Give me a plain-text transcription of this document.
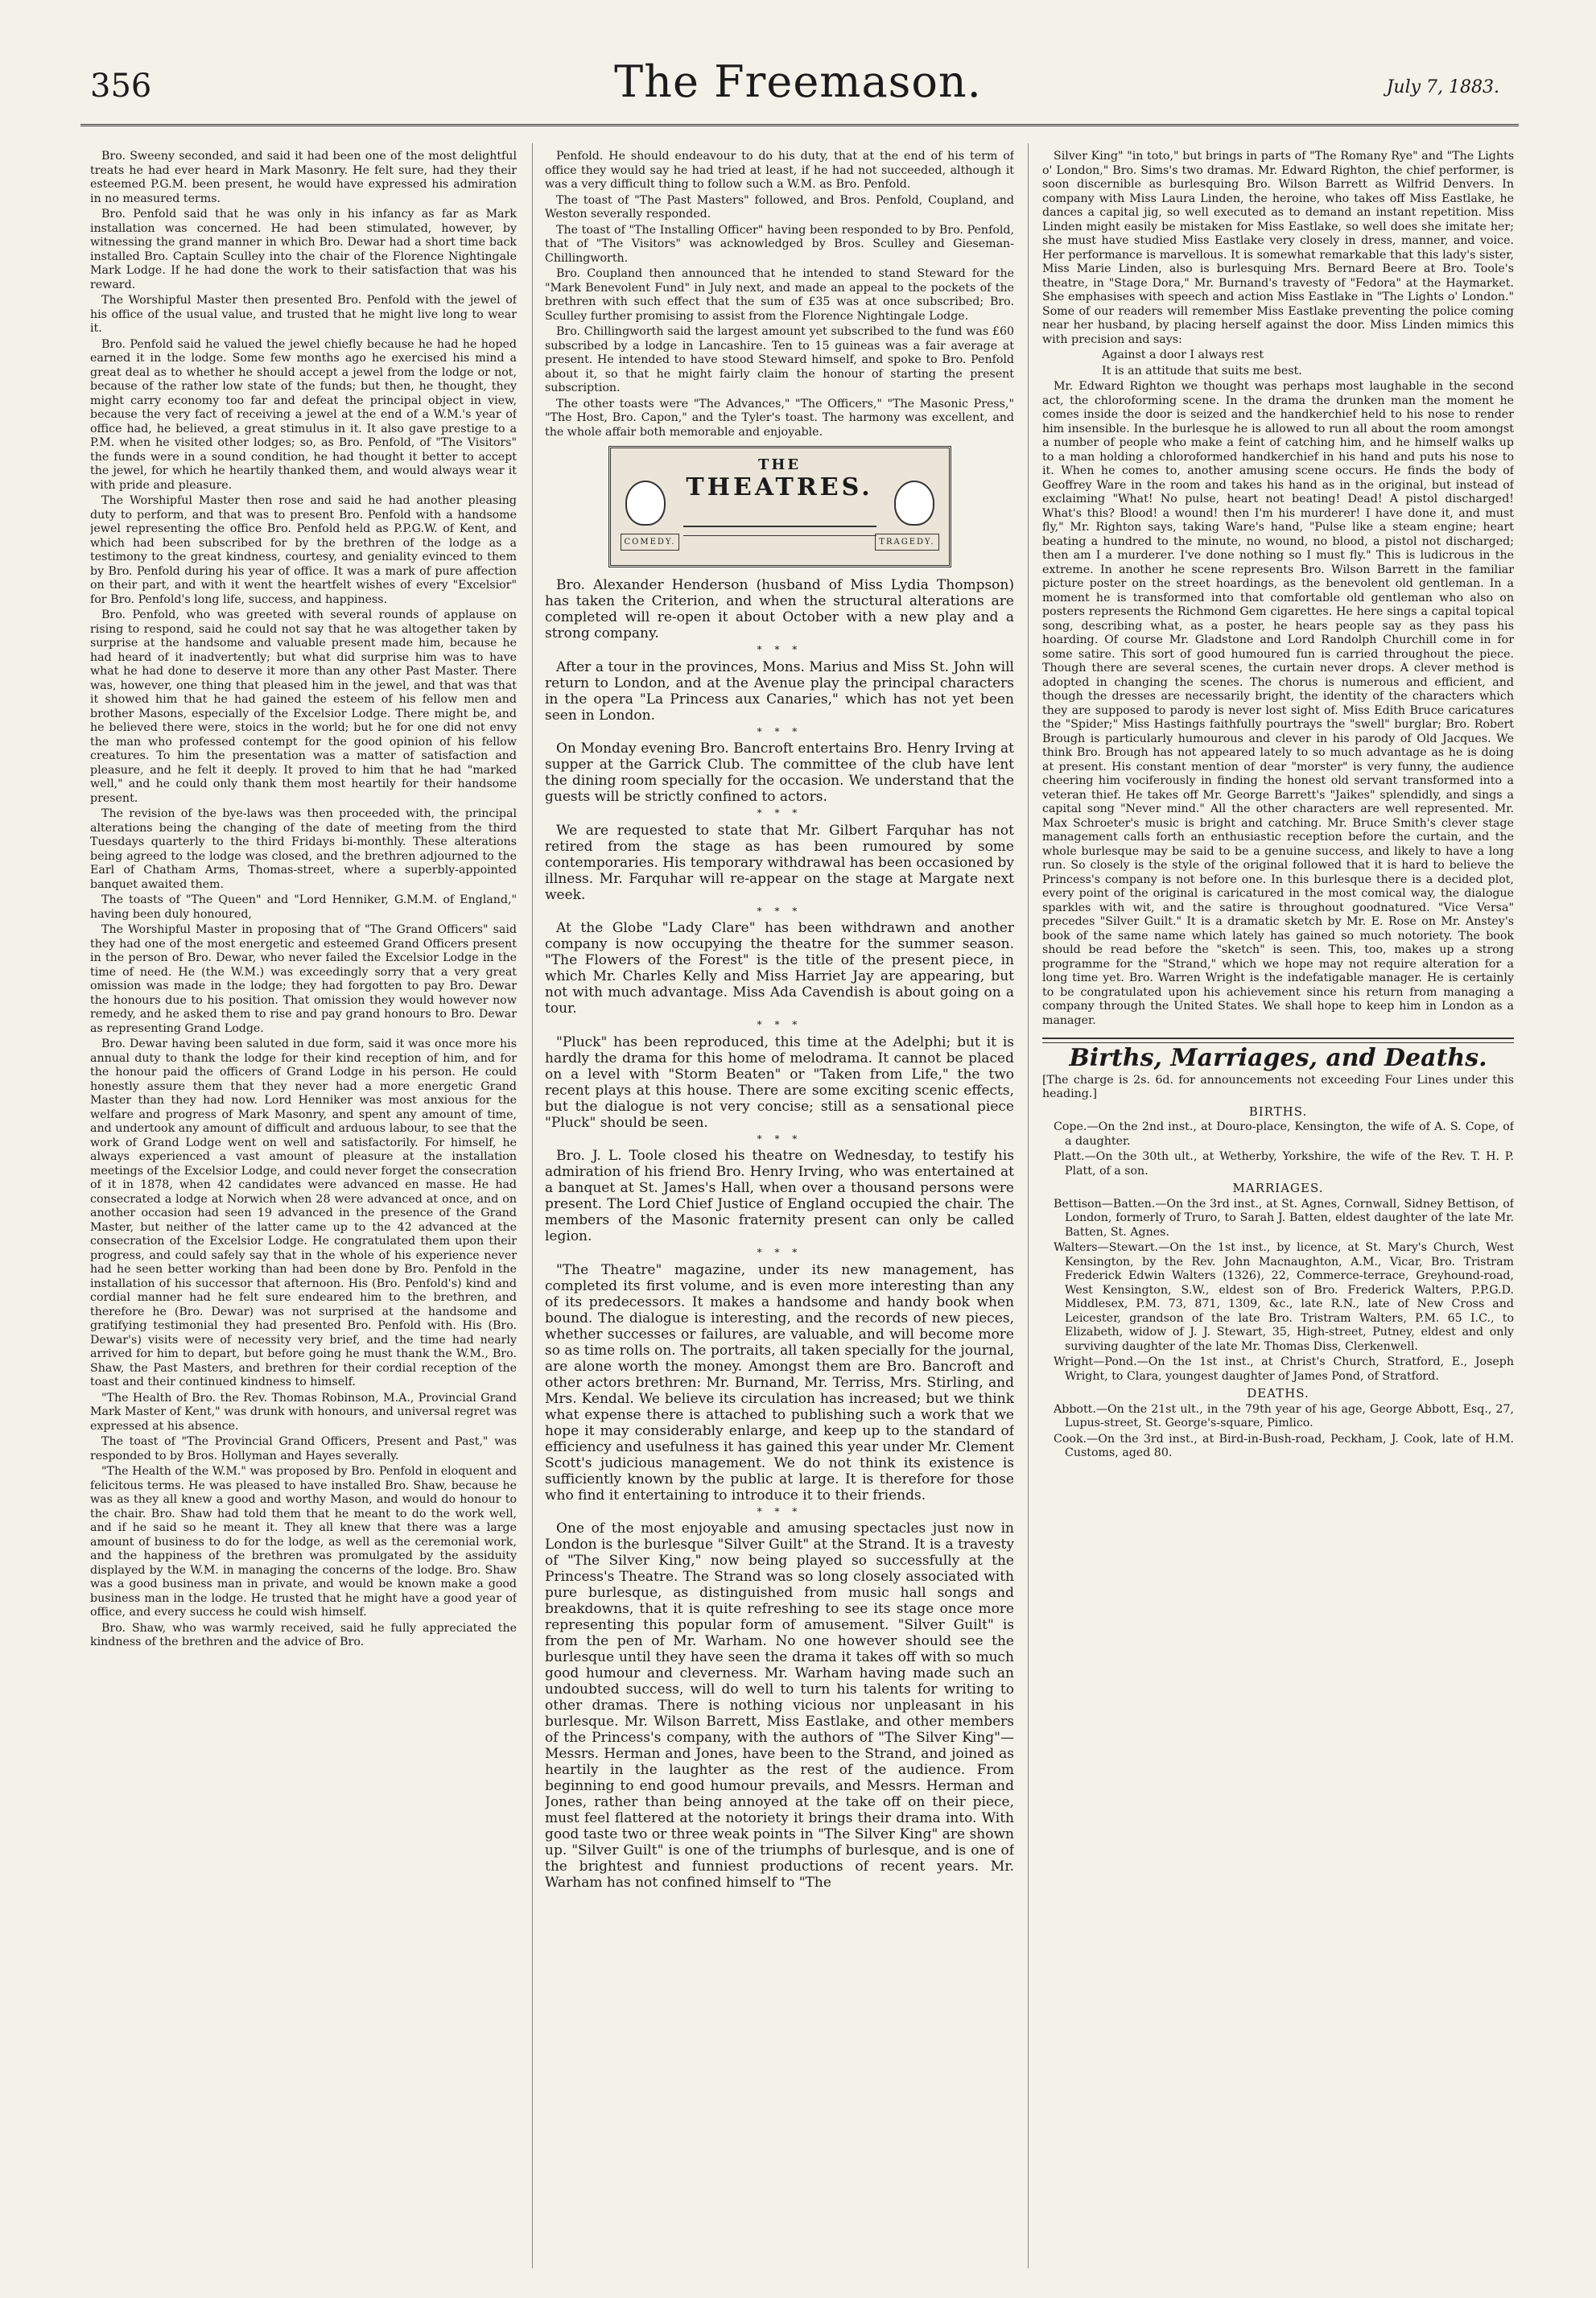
356	The Freemason.	July 7, 1883.

Bro. Sweeny seconded, and said it had been one of the most delightful treats he had ever heard in Mark Masonry. He felt sure, had they their esteemed P.G.M. been present, he would have expressed his admiration in no measured terms.

Bro. Penfold said that he was only in his infancy as far as Mark installation was concerned. He had been stimulated, however, by witnessing the grand manner in which Bro. Dewar had a short time back installed Bro. Captain Sculley into the chair of the Florence Nightingale Mark Lodge. If he had done the work to their satisfaction that was his reward.

The Worshipful Master then presented Bro. Penfold with the jewel of his office of the usual value, and trusted that he might live long to wear it.

Bro. Penfold said he valued the jewel chiefly because he had he hoped earned it in the lodge. Some few months ago he exercised his mind a great deal as to whether he should accept a jewel from the lodge or not, because of the rather low state of the funds; but then, he thought, they might carry economy too far and defeat the principal object in view, because the very fact of receiving a jewel at the end of a W.M.'s year of office had, he believed, a great stimulus in it. It also gave prestige to a P.M. when he visited other lodges; so, as Bro. Penfold, of "The Visitors" the funds were in a sound condition, he had thought it better to accept the jewel, for which he heartily thanked them, and would always wear it with pride and pleasure.

The Worshipful Master then rose and said he had another pleasing duty to perform, and that was to present Bro. Penfold with a handsome jewel representing the office Bro. Penfold held as P.P.G.W. of Kent, and which had been subscribed for by the brethren of the lodge as a testimony to the great kindness, courtesy, and geniality evinced to them by Bro. Penfold during his year of office. It was a mark of pure affection on their part, and with it went the heartfelt wishes of every "Excelsior" for Bro. Penfold's long life, success, and happiness.

Bro. Penfold, who was greeted with several rounds of applause on rising to respond, said he could not say that he was altogether taken by surprise at the handsome and valuable present made him, because he had heard of it inadvertently; but what did surprise him was to have what he had done to deserve it more than any other Past Master. There was, however, one thing that pleased him in the jewel, and that was that it showed him that he had gained the esteem of his fellow men and brother Masons, especially of the Excelsior Lodge. There might be, and he believed there were, stoics in the world; but he for one did not envy the man who professed contempt for the good opinion of his fellow creatures. To him the presentation was a matter of satisfaction and pleasure, and he felt it deeply. It proved to him that he had "marked well," and he could only thank them most heartily for their handsome present.

The revision of the bye-laws was then proceeded with, the principal alterations being the changing of the date of meeting from the third Tuesdays quarterly to the third Fridays bi-monthly. These alterations being agreed to the lodge was closed, and the brethren adjourned to the Earl of Chatham Arms, Thomas-street, where a superbly-appointed banquet awaited them.

The toasts of "The Queen" and "Lord Henniker, G.M.M. of England," having been duly honoured,

The Worshipful Master in proposing that of "The Grand Officers" said they had one of the most energetic and esteemed Grand Officers present in the person of Bro. Dewar, who never failed the Excelsior Lodge in the time of need. He (the W.M.) was exceedingly sorry that a very great omission was made in the lodge; they had forgotten to pay Bro. Dewar the honours due to his position. That omission they would however now remedy, and he asked them to rise and pay grand honours to Bro. Dewar as representing Grand Lodge.

Bro. Dewar having been saluted in due form, said it was once more his annual duty to thank the lodge for their kind reception of him, and for the honour paid the officers of Grand Lodge in his person. He could honestly assure them that they never had a more energetic Grand Master than they had now. Lord Henniker was most anxious for the welfare and progress of Mark Masonry, and spent any amount of time, and undertook any amount of difficult and arduous labour, to see that the work of Grand Lodge went on well and satisfactorily. For himself, he always experienced a vast amount of pleasure at the installation meetings of the Excelsior Lodge, and could never forget the consecration of it in 1878, when 42 candidates were advanced en masse. He had consecrated a lodge at Norwich when 28 were advanced at once, and on another occasion had seen 19 advanced in the presence of the Grand Master, but neither of the latter came up to the 42 advanced at the consecration of the Excelsior Lodge. He congratulated them upon their progress, and could safely say that in the whole of his experience never had he seen better working than had been done by Bro. Penfold in the installation of his successor that afternoon. His (Bro. Penfold's) kind and cordial manner had he felt sure endeared him to the brethren, and therefore he (Bro. Dewar) was not surprised at the handsome and gratifying testimonial they had presented Bro. Penfold with. His (Bro. Dewar's) visits were of necessity very brief, and the time had nearly arrived for him to depart, but before going he must thank the W.M., Bro. Shaw, the Past Masters, and brethren for their cordial reception of the toast and their continued kindness to himself.

"The Health of Bro. the Rev. Thomas Robinson, M.A., Provincial Grand Mark Master of Kent," was drunk with honours, and universal regret was expressed at his absence.

The toast of "The Provincial Grand Officers, Present and Past," was responded to by Bros. Hollyman and Hayes severally.

"The Health of the W.M." was proposed by Bro. Penfold in eloquent and felicitous terms. He was pleased to have installed Bro. Shaw, because he was as they all knew a good and worthy Mason, and would do honour to the chair. Bro. Shaw had told them that he meant to do the work well, and if he said so he meant it. They all knew that there was a large amount of business to do for the lodge, as well as the ceremonial work, and the happiness of the brethren was promulgated by the assiduity displayed by the W.M. in managing the concerns of the lodge. Bro. Shaw was a good business man in private, and would be known make a good business man in the lodge. He trusted that he might have a good year of office, and every success he could wish himself.

Bro. Shaw, who was warmly received, said he fully appreciated the kindness of the brethren and the advice of Bro.

Penfold. He should endeavour to do his duty, that at the end of his term of office they would say he had tried at least, if he had not succeeded, although it was a very difficult thing to follow such a W.M. as Bro. Penfold.

The toast of "The Past Masters" followed, and Bros. Penfold, Coupland, and Weston severally responded.

The toast of "The Installing Officer" having been responded to by Bro. Penfold, that of "The Visitors" was acknowledged by Bros. Sculley and Gieseman-Chillingworth.

Bro. Coupland then announced that he intended to stand Steward for the "Mark Benevolent Fund" in July next, and made an appeal to the pockets of the brethren with such effect that the sum of £35 was at once subscribed; Bro. Sculley further promising to assist from the Florence Nightingale Lodge.

Bro. Chillingworth said the largest amount yet subscribed to the fund was £60 subscribed by a lodge in Lancashire. Ten to 15 guineas was a fair average at present. He intended to have stood Steward himself, and spoke to Bro. Penfold about it, so that he might fairly claim the honour of starting the present subscription.

The other toasts were "The Advances," "The Officers," "The Masonic Press," "The Host, Bro. Capon," and the Tyler's toast. The harmony was excellent, and the whole affair both memorable and enjoyable.

THE
THEATRES.
COMEDY.	TRAGEDY.

Bro. Alexander Henderson (husband of Miss Lydia Thompson) has taken the Criterion, and when the structural alterations are completed will re-open it about October with a new play and a strong company.

* * *

After a tour in the provinces, Mons. Marius and Miss St. John will return to London, and at the Avenue play the principal characters in the opera "La Princess aux Canaries," which has not yet been seen in London.

* * *

On Monday evening Bro. Bancroft entertains Bro. Henry Irving at supper at the Garrick Club. The committee of the club have lent the dining room specially for the occasion. We understand that the guests will be strictly confined to actors.

* * *

We are requested to state that Mr. Gilbert Farquhar has not retired from the stage as has been rumoured by some contemporaries. His temporary withdrawal has been occasioned by illness. Mr. Farquhar will re-appear on the stage at Margate next week.

* * *

At the Globe "Lady Clare" has been withdrawn and another company is now occupying the theatre for the summer season. "The Flowers of the Forest" is the title of the present piece, in which Mr. Charles Kelly and Miss Harriet Jay are appearing, but not with much advantage. Miss Ada Cavendish is about going on a tour.

* * *

"Pluck" has been reproduced, this time at the Adelphi; but it is hardly the drama for this home of melodrama. It cannot be placed on a level with "Storm Beaten" or "Taken from Life," the two recent plays at this house. There are some exciting scenic effects, but the dialogue is not very concise; still as a sensational piece "Pluck" should be seen.

* * *

Bro. J. L. Toole closed his theatre on Wednesday, to testify his admiration of his friend Bro. Henry Irving, who was entertained at a banquet at St. James's Hall, when over a thousand persons were present. The Lord Chief Justice of England occupied the chair. The members of the Masonic fraternity present can only be called legion.

* * *

"The Theatre" magazine, under its new management, has completed its first volume, and is even more interesting than any of its predecessors. It makes a handsome and handy book when bound. The dialogue is interesting, and the records of new pieces, whether successes or failures, are valuable, and will become more so as time rolls on. The portraits, all taken specially for the journal, are alone worth the money. Amongst them are Bro. Bancroft and other actors brethren: Mr. Burnand, Mr. Terriss, Mrs. Stirling, and Mrs. Kendal. We believe its circulation has increased; but we think what expense there is attached to publishing such a work that we hope it may considerably enlarge, and keep up to the standard of efficiency and usefulness it has gained this year under Mr. Clement Scott's judicious management. We do not think its existence is sufficiently known by the public at large. It is therefore for those who find it entertaining to introduce it to their friends.

* * *

One of the most enjoyable and amusing spectacles just now in London is the burlesque "Silver Guilt" at the Strand. It is a travesty of "The Silver King," now being played so successfully at the Princess's Theatre. The Strand was so long closely associated with pure burlesque, as distinguished from music hall songs and breakdowns, that it is quite refreshing to see its stage once more representing this popular form of amusement. "Silver Guilt" is from the pen of Mr. Warham. No one however should see the burlesque until they have seen the drama it takes off with so much good humour and cleverness. Mr. Warham having made such an undoubted success, will do well to turn his talents for writing to other dramas. There is nothing vicious nor unpleasant in his burlesque. Mr. Wilson Barrett, Miss Eastlake, and other members of the Princess's company, with the authors of "The Silver King"—Messrs. Herman and Jones, have been to the Strand, and joined as heartily in the laughter as the rest of the audience. From beginning to end good humour prevails, and Messrs. Herman and Jones, rather than being annoyed at the take off on their piece, must feel flattered at the notoriety it brings their drama into. With good taste two or three weak points in "The Silver King" are shown up. "Silver Guilt" is one of the triumphs of burlesque, and is one of the brightest and funniest productions of recent years. Mr. Warham has not confined himself to "The

Silver King" "in toto," but brings in parts of "The Romany Rye" and "The Lights o' London," Bro. Sims's two dramas. Mr. Edward Righton, the chief performer, is soon discernible as burlesquing Bro. Wilson Barrett as Wilfrid Denvers. In company with Miss Laura Linden, the heroine, who takes off Miss Eastlake, he dances a capital jig, so well executed as to demand an instant repetition. Miss Linden might easily be mistaken for Miss Eastlake, so well does she imitate her; she must have studied Miss Eastlake very closely in dress, manner, and voice. Her performance is marvellous. It is somewhat remarkable that this lady's sister, Miss Marie Linden, also is burlesquing Mrs. Bernard Beere at Bro. Toole's theatre, in "Stage Dora," Mr. Burnand's travesty of "Fedora" at the Haymarket. She emphasises with speech and action Miss Eastlake in "The Lights o' London." Some of our readers will remember Miss Eastlake preventing the police coming near her husband, by placing herself against the door. Miss Linden mimics this with precision and says:

Against a door I always rest

It is an attitude that suits me best.

Mr. Edward Righton we thought was perhaps most laughable in the second act, the chloroforming scene. In the drama the drunken man the moment he comes inside the door is seized and the handkerchief held to his nose to render him insensible. In the burlesque he is allowed to run all about the room amongst a number of people who make a feint of catching him, and he himself walks up to a man holding a chloroformed handkerchief in his hand and puts his nose to it. When he comes to, another amusing scene occurs. He finds the body of Geoffrey Ware in the room and takes his hand as in the original, but instead of exclaiming "What! No pulse, heart not beating! Dead! A pistol discharged! What's this? Blood! a wound! then I'm his murderer! I have done it, and must fly," Mr. Righton says, taking Ware's hand, "Pulse like a steam engine; heart beating a hundred to the minute, no wound, no blood, a pistol not discharged; then am I a murderer. I've done nothing so I must fly." This is ludicrous in the extreme. In another he scene represents Bro. Wilson Barrett in the familiar picture poster on the street hoardings, as the benevolent old gentleman. In a moment he is transformed into that comfortable old gentleman who also on posters represents the Richmond Gem cigarettes. He here sings a capital topical song, describing what, as a poster, he hears people say as they pass his hoarding. Of course Mr. Gladstone and Lord Randolph Churchill come in for some satire. This sort of good humoured fun is carried throughout the piece. Though there are several scenes, the curtain never drops. A clever method is adopted in changing the scenes. The chorus is numerous and efficient, and though the dresses are necessarily bright, the identity of the characters which they are supposed to parody is never lost sight of. Miss Edith Bruce caricatures the "Spider;" Miss Hastings faithfully pourtrays the "swell" burglar; Bro. Robert Brough is particularly humourous and clever in his parody of Old Jacques. We think Bro. Brough has not appeared lately to so much advantage as he is doing at present. His constant mention of dear "morster" is very funny, the audience cheering him vociferously in finding the honest old servant transformed into a veteran thief. He takes off Mr. George Barrett's "Jaikes" splendidly, and sings a capital song "Never mind." All the other characters are well represented. Mr. Max Schroeter's music is bright and catching. Mr. Bruce Smith's clever stage management calls forth an enthusiastic reception before the curtain, and the whole burlesque may be said to be a genuine success, and likely to have a long run. So closely is the style of the original followed that it is hard to believe the Princess's company is not before one. In this burlesque there is a decided plot, every point of the original is caricatured in the most comical way, the dialogue sparkles with wit, and the satire is throughout goodnatured. "Vice Versa" precedes "Silver Guilt." It is a dramatic sketch by Mr. E. Rose on Mr. Anstey's book of the same name which lately has gained so much notoriety. The book should be read before the "sketch" is seen. This, too, makes up a strong programme for the "Strand," which we hope may not require alteration for a long time yet. Bro. Warren Wright is the indefatigable manager. He is certainly to be congratulated upon his achievement since his return from managing a company through the United States. We shall hope to keep him in London as a manager.

Births, Marriages, and Deaths.

[The charge is 2s. 6d. for announcements not exceeding Four Lines under this heading.]

BIRTHS.

Cope.—On the 2nd inst., at Douro-place, Kensington, the wife of A. S. Cope, of a daughter.

Platt.—On the 30th ult., at Wetherby, Yorkshire, the wife of the Rev. T. H. P. Platt, of a son.

MARRIAGES.

Bettison—Batten.—On the 3rd inst., at St. Agnes, Cornwall, Sidney Bettison, of London, formerly of Truro, to Sarah J. Batten, eldest daughter of the late Mr. Batten, St. Agnes.

Walters—Stewart.—On the 1st inst., by licence, at St. Mary's Church, West Kensington, by the Rev. John Macnaughton, A.M., Vicar, Bro. Tristram Frederick Edwin Walters (1326), 22, Commerce-terrace, Greyhound-road, West Kensington, S.W., eldest son of Bro. Frederick Walters, P.P.G.D. Middlesex, P.M. 73, 871, 1309, &c., late R.N., late of New Cross and Leicester, grandson of the late Bro. Tristram Walters, P.M. 65 I.C., to Elizabeth, widow of J. J. Stewart, 35, High-street, Putney, eldest and only surviving daughter of the late Mr. Thomas Diss, Clerkenwell.

Wright—Pond.—On the 1st inst., at Christ's Church, Stratford, E., Joseph Wright, to Clara, youngest daughter of James Pond, of Stratford.

DEATHS.

Abbott.—On the 21st ult., in the 79th year of his age, George Abbott, Esq., 27, Lupus-street, St. George's-square, Pimlico.

Cook.—On the 3rd inst., at Bird-in-Bush-road, Peckham, J. Cook, late of H.M. Customs, aged 80.
